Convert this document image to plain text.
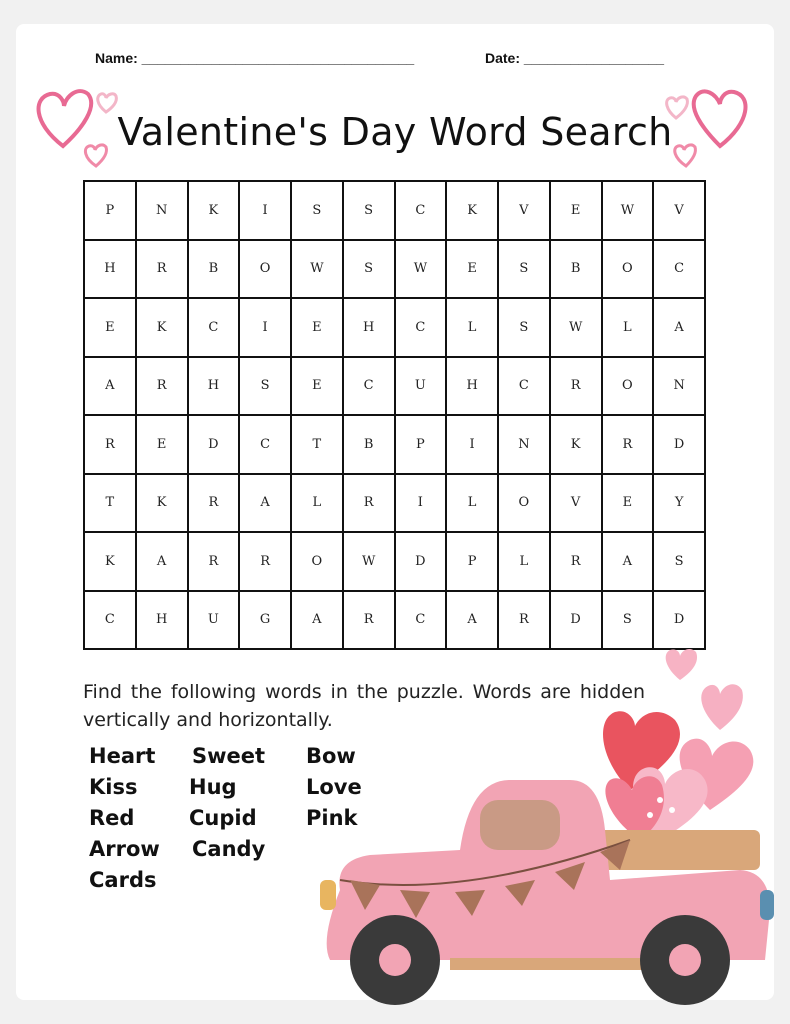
Name: ___________________________________	Date: __________________
Valentine's Day Word Search
P	N	K	I	S	S	C	K	V	E	W	V
H	R	B	O	W	S	W	E	S	B	O	C
E	K	C	I	E	H	C	L	S	W	L	A
A	R	H	S	E	C	U	H	C	R	O	N
R	E	D	C	T	B	P	I	N	K	R	D
T	K	R	A	L	R	I	L	O	V	E	Y
K	A	R	R	O	W	D	P	L	R	A	S
C	H	U	G	A	R	C	A	R	D	S	D
Find the following words in the puzzle. Words are hidden vertically and horizontally.
Heart
Kiss
Red
Arrow
Cards
Sweet
Hug
Cupid
Candy
Bow
Love
Pink
